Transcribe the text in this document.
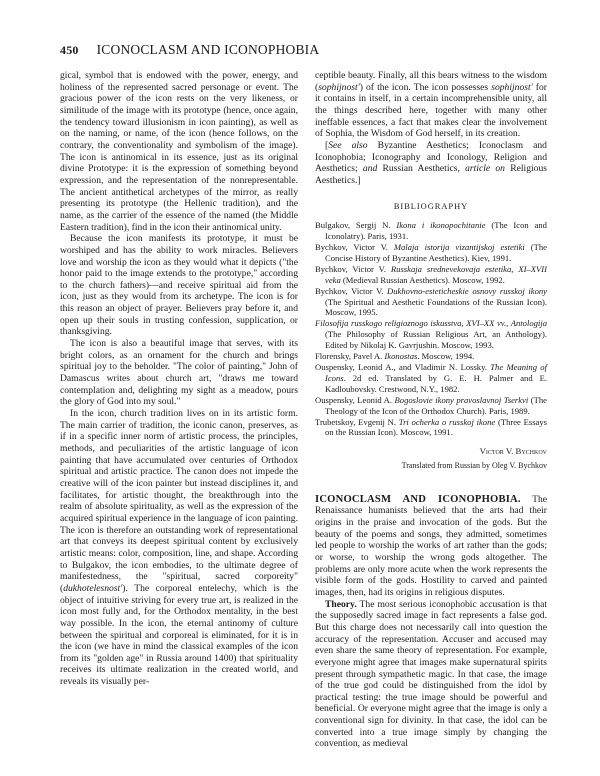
450 ICONOCLASM AND ICONOPHOBIA

gical, symbol that is endowed with the power, energy, and holiness of the represented sacred personage or event. The gracious power of the icon rests on the very likeness, or similitude of the image with its prototype (hence, once again, the tendency toward illusionism in icon painting), as well as on the naming, or name, of the icon (hence follows, on the contrary, the conventionality and symbolism of the image). The icon is antinomical in its essence, just as its original divine Prototype: it is the expression of something beyond expression, and the representation of the nonrepresentable. The ancient antithetical archetypes of the mirror, as really presenting its prototype (the Hellenic tradition), and the name, as the carrier of the essence of the named (the Middle Eastern tradition), find in the icon their antinomical unity.

Because the icon manifests its prototype, it must be worshiped and has the ability to work miracles. Believers love and worship the icon as they would what it depicts ("the honor paid to the image extends to the prototype," according to the church fathers)—and receive spiritual aid from the icon, just as they would from its archetype. The icon is for this reason an object of prayer. Believers pray before it, and open up their souls in trusting confession, supplication, or thanksgiving.

The icon is also a beautiful image that serves, with its bright colors, as an ornament for the church and brings spiritual joy to the beholder. "The color of painting," John of Damascus writes about church art, "draws me toward contemplation and, delighting my sight as a meadow, pours the glory of God into my soul."

In the icon, church tradition lives on in its artistic form. The main carrier of tradition, the iconic canon, preserves, as if in a specific inner norm of artistic process, the principles, methods, and peculiarities of the artistic language of icon painting that have accumulated over centuries of Orthodox spiritual and artistic practice. The canon does not impede the creative will of the icon painter but instead disciplines it, and facilitates, for artistic thought, the breakthrough into the realm of absolute spirituality, as well as the expression of the acquired spiritual experience in the language of icon painting. The icon is therefore an outstanding work of representational art that conveys its deepest spiritual content by exclusively artistic means: color, composition, line, and shape. According to Bulgakov, the icon embodies, to the ultimate degree of manifestedness, the "spiritual, sacred corporeity" (dukhotelesnost'). The corporeal entelechy, which is the object of intuitive striving for every true art, is realized in the icon most fully and, for the Orthodox mentality, in the best way possible. In the icon, the eternal antinomy of culture between the spiritual and corporeal is eliminated, for it is in the icon (we have in mind the classical examples of the icon from its "golden age" in Russia around 1400) that spirituality receives its ultimate realization in the created world, and reveals its visually per-

ceptible beauty. Finally, all this bears witness to the wisdom (sophijnost') of the icon. The icon possesses sophijnost' for it contains in itself, in a certain incomprehensible unity, all the things described here, together with many other ineffable essences, a fact that makes clear the involvement of Sophia, the Wisdom of God herself, in its creation.

[See also Byzantine Aesthetics; Iconoclasm and Iconophobia; Iconography and Iconology, Religion and Aesthetics; and Russian Aesthetics, article on Religious Aesthetics.]

BIBLIOGRAPHY

Bulgakov, Sergij N. Ikona i ikonopochitanie (The Icon and Iconolatry). Paris, 1931.

Bychkov, Victor V. Malaja istorija vizantijskoj estetiki (The Concise History of Byzantine Aesthetics). Kiev, 1991.

Bychkov, Victor V. Russkaja srednevekovaja estetika, XI–XVII veka (Medieval Russian Aesthetics). Moscow, 1992.

Bychkov, Victor V. Dukhovno-esteticheskie osnovy russkoj ikony (The Spiritual and Aesthetic Foundations of the Russian Icon). Moscow, 1995.

Filosofija russkogo religioznogo iskusstva, XVI–XX vv., Antologija (The Philosophy of Russian Religious Art, an Anthology). Edited by Nikolaj K. Gavrjushin. Moscow, 1993.

Florensky, Pavel A. Ikonostas. Moscow, 1994.

Ouspensky, Leonid A., and Vladimir N. Lossky. The Meaning of Icons. 2d ed. Translated by G. E. H. Palmer and E. Kadloubovsky. Crestwood, N.Y., 1982.

Ouspensky, Leonid A. Bogoslovie ikony pravoslavnoj Tserkvi (The Theology of the Icon of the Orthodox Church). Paris, 1989.

Trubetskoy, Evgenij N. Tri ocherka o russkoj ikone (Three Essays on the Russian Icon). Moscow, 1991.

Victor V. Bychkov
Translated from Russian by Oleg V. Bychkov

ICONOCLASM AND ICONOPHOBIA. The Renaissance humanists believed that the arts had their origins in the praise and invocation of the gods. But the beauty of the poems and songs, they admitted, sometimes led people to worship the works of art rather than the gods; or worse, to worship the wrong gods altogether. The problems are only more acute when the work represents the visible form of the gods. Hostility to carved and painted images, then, had its origins in religious disputes.

Theory. The most serious iconophobic accusation is that the supposedly sacred image in fact represents a false god. But this charge does not necessarily call into question the accuracy of the representation. Accuser and accused may even share the same theory of representation. For example, everyone might agree that images make supernatural spirits present through sympathetic magic. In that case, the image of the true god could be distinguished from the idol by practical testing: the true image should be powerful and beneficial. Or everyone might agree that the image is only a conventional sign for divinity. In that case, the idol can be converted into a true image simply by changing the convention, as medieval
